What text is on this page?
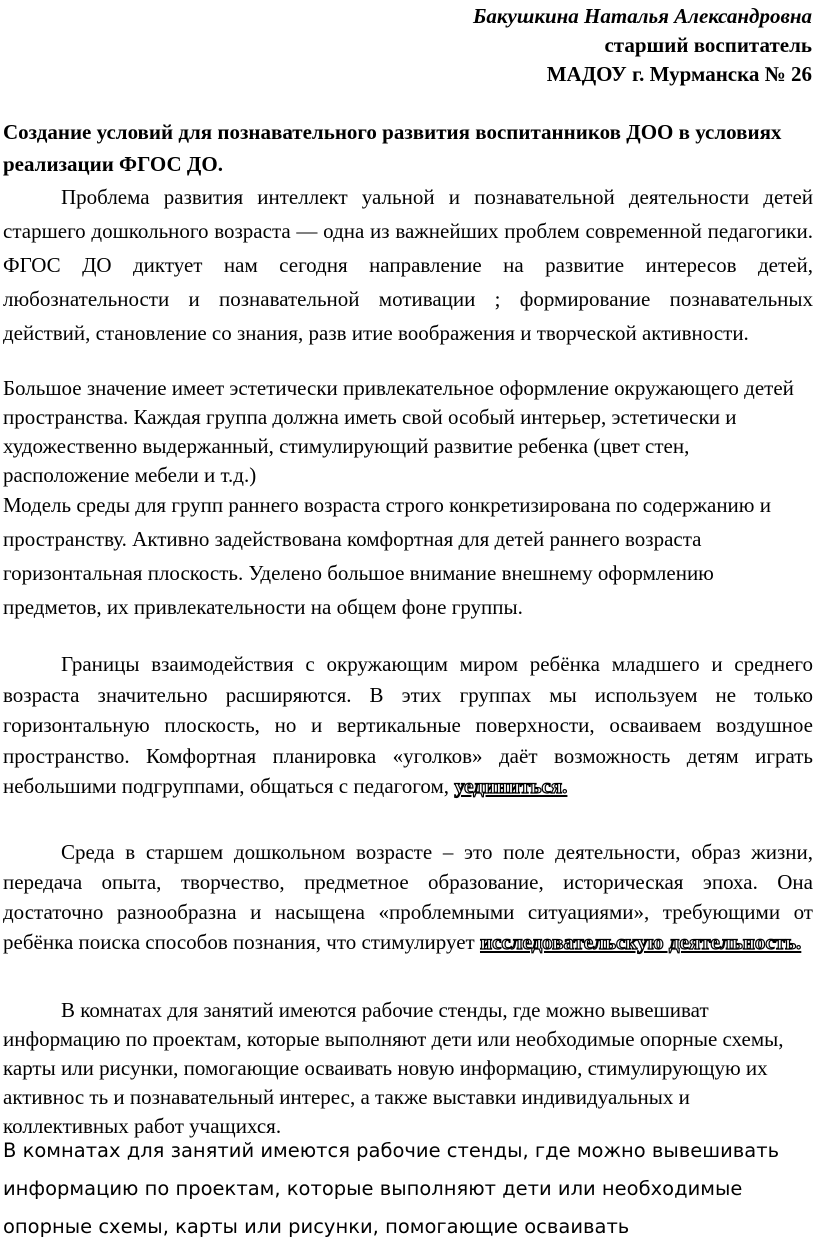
Бакушкина Наталья Александровна
старший воспитатель
МАДОУ г. Мурманска № 26
Создание условий для познавательного развития воспитанников ДОО в условиях реализации ФГОС ДО.

Проблема развития интеллект уальной и познавательной деятельности детей старшего дошкольного возраста — одна из важнейших проблем современной педагогики. ФГОС ДО диктует нам сегодня направление на развитие интересов детей, любознательности и познавательной мотивации ; формирование познавательных действий, становление со знания, разв итие воображения и творческой активности.

Большое значение имеет эстетически привлекательное оформление окружающего детей пространства. Каждая группа должна иметь свой особый интерьер, эстетически и художественно выдержанный, стимулирующий развитие ребенка (цвет стен, расположение мебели и т.д.)

Модель среды для групп раннего возраста строго конкретизирована по содержанию и пространству. Активно задействована комфортная для детей раннего возраста горизонтальная плоскость. Уделено большое внимание внешнему оформлению предметов, их привлекательности на общем фоне группы.

Границы взаимодействия с окружающим миром ребёнка младшего и среднего возраста значительно расширяются. В этих группах мы используем не только горизонтальную плоскость, но и вертикальные поверхности, осваиваем воздушное пространство. Комфортная планировка «уголков» даёт возможность детям играть небольшими подгруппами, общаться с педагогом, уединиться.

Среда в старшем дошкольном возрасте – это поле деятельности, образ жизни, передача опыта, творчество, предметное образование, историческая эпоха. Она достаточно разнообразна и насыщена «проблемными ситуациями», требующими от ребёнка поиска способов познания, что стимулирует исследовательскую деятельность.

В комнатах для занятий имеются рабочие стенды, где можно вывешиват информацию по проектам, которые выполняют дети или необходимые опорные схемы, карты или рисунки, помогающие осваивать новую информацию, стимулирующую их активнос ть и познавательный интерес, а также выставки индивидуальных и коллективных работ учащихся.

В комнатах для занятий имеются рабочие стенды, где можно вывешивать информацию по проектам, которые выполняют дети или необходимые опорные схемы, карты или рисунки, помогающие осваивать
